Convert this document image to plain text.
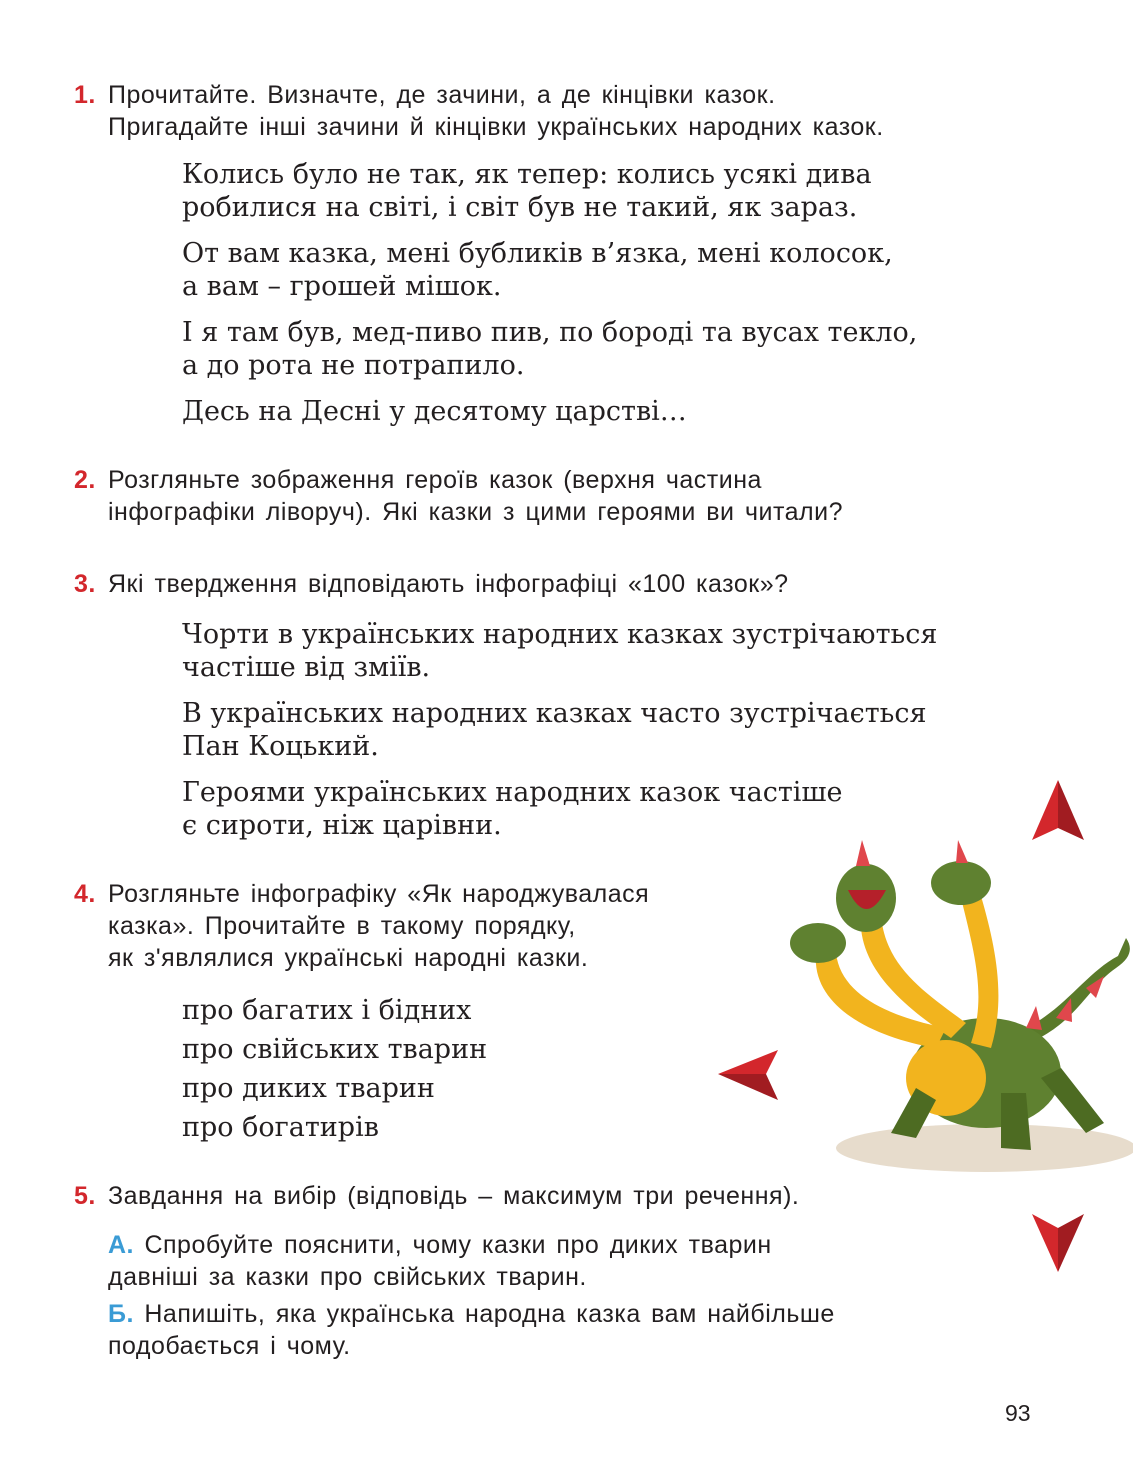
1. Прочитайте. Визначте, де зачини, а де кінцівки казок.
Пригадайте інші зачини й кінцівки українських народних казок.
Колись було не так, як тепер: колись усякі дива
робилися на світі, і світ був не такий, як зараз.
От вам казка, мені бубликів в’язка, мені колосок,
а вам – грошей мішок.
І я там був, мед-пиво пив, по бороді та вусах текло,
а до рота не потрапило.
Десь на Десні у десятому царстві…
2. Розгляньте зображення героїв казок (верхня частина
інфографіки ліворуч). Які казки з цими героями ви читали?
3. Які твердження відповідають інфографіці «100 казок»?
Чорти в українських народних казках зустрічаються
частіше від зміїв.
В українських народних казках часто зустрічається
Пан Коцький.
Героями українських народних казок частіше
є сироти, ніж царівни.
4. Розгляньте інфографіку «Як народжувалася
казка». Прочитайте в такому порядку,
як з'являлися українські народні казки.
про багатих і бідних
про свійських тварин
про диких тварин
про богатирів
5. Завдання на вибір (відповідь – максимум три речення).
А. Спробуйте пояснити, чому казки про диких тварин
давніші за казки про свійських тварин.
Б. Напишіть, яка українська народна казка вам найбільше
подобається і чому.
93
